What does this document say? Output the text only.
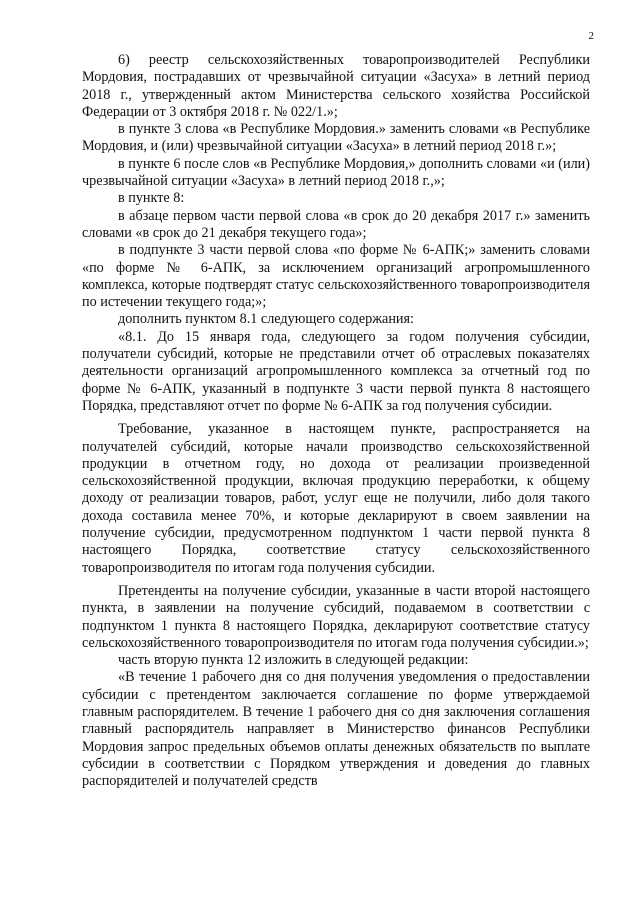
2

6) реестр сельскохозяйственных товаропроизводителей Республики Мордовия, пострадавших от чрезвычайной ситуации «Засуха» в летний период 2018 г., утвержденный актом Министерства сельского хозяйства Российской Федерации от 3 октября 2018 г. № 022/1.»;

в пункте 3 слова «в Республике Мордовия.» заменить словами «в Республике Мордовия, и (или) чрезвычайной ситуации «Засуха» в летний период 2018 г.»;

в пункте 6 после слов «в Республике Мордовия,» дополнить словами «и (или) чрезвычайной ситуации «Засуха» в летний период 2018 г.,»;

в пункте 8:

в абзаце первом части первой слова «в срок до 20 декабря 2017 г.» заменить словами «в срок до 21 декабря текущего года»;

в подпункте 3 части первой слова «по форме № 6-АПК;» заменить словами «по форме № 6-АПК, за исключением организаций агропромышленного комплекса, которые подтвердят статус сельскохозяйственного товаропроизводителя по истечении текущего года;»;

дополнить пунктом 8.1 следующего содержания:

«8.1. До 15 января года, следующего за годом получения субсидии, получатели субсидий, которые не представили отчет об отраслевых показателях деятельности организаций агропромышленного комплекса за отчетный год по форме № 6-АПК, указанный в подпункте 3 части первой пункта 8 настоящего Порядка, представляют отчет по форме № 6-АПК за год получения субсидии.

Требование, указанное в настоящем пункте, распространяется на получателей субсидий, которые начали производство сельскохозяйственной продукции в отчетном году, но дохода от реализации произведенной сельскохозяйственной продукции, включая продукцию переработки, к общему доходу от реализации товаров, работ, услуг еще не получили, либо доля такого дохода составила менее 70%, и которые декларируют в своем заявлении на получение субсидии, предусмотренном подпунктом 1 части первой пункта 8 настоящего Порядка, соответствие статусу сельскохозяйственного товаропроизводителя по итогам года получения субсидии.

Претенденты на получение субсидии, указанные в части второй настоящего пункта, в заявлении на получение субсидий, подаваемом в соответствии с подпунктом 1 пункта 8 настоящего Порядка, декларируют соответствие статусу сельскохозяйственного товаропроизводителя по итогам года получения субсидии.»;

часть вторую пункта 12 изложить в следующей редакции:

«В течение 1 рабочего дня со дня получения уведомления о предоставлении субсидии с претендентом заключается соглашение по форме утверждаемой главным распорядителем. В течение 1 рабочего дня со дня заключения соглашения главный распорядитель направляет в Министерство финансов Республики Мордовия запрос предельных объемов оплаты денежных обязательств по выплате субсидии в соответствии с Порядком утверждения и доведения до главных распорядителей и получателей средств
